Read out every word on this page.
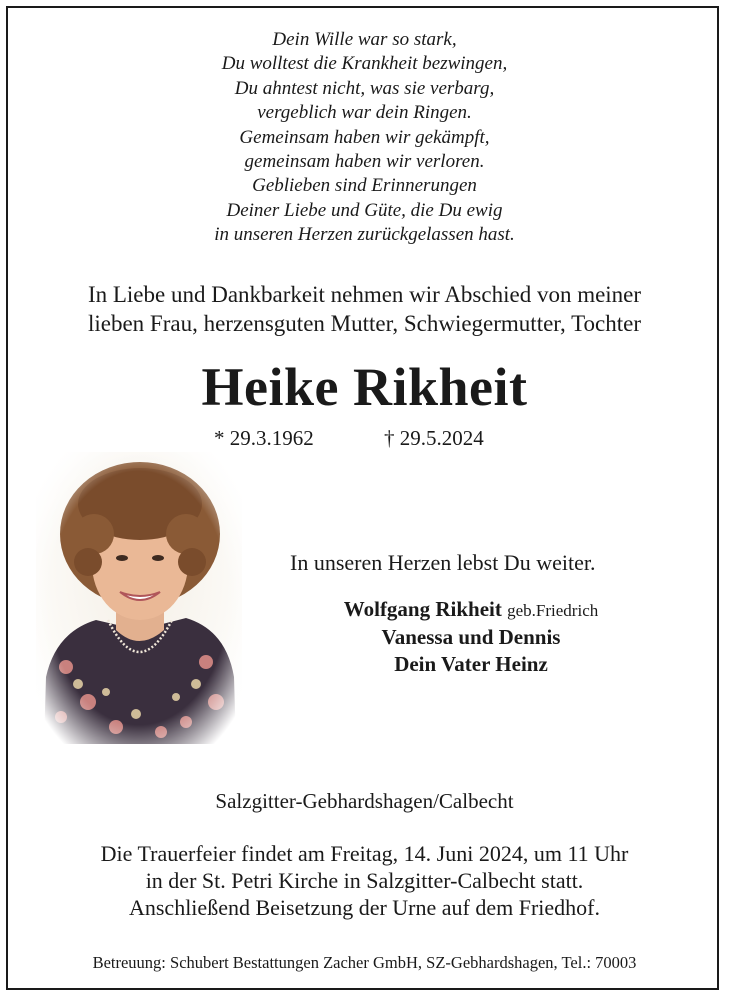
Dein Wille war so stark,
Du wolltest die Krankheit bezwingen,
Du ahntest nicht, was sie verbarg,
vergeblich war dein Ringen.
Gemeinsam haben wir gekämpft,
gemeinsam haben wir verloren.
Geblieben sind Erinnerungen
Deiner Liebe und Güte, die Du ewig
in unseren Herzen zurückgelassen hast.
In Liebe und Dankbarkeit nehmen wir Abschied von meiner
lieben Frau, herzensguten Mutter, Schwiegermutter, Tochter
Heike Rikheit
* 29.3.1962	† 29.5.2024
In unseren Herzen lebst Du weiter.
Wolfgang Rikheit geb.Friedrich
Vanessa und Dennis
Dein Vater Heinz
Salzgitter-Gebhardshagen/Calbecht
Die Trauerfeier findet am Freitag, 14. Juni 2024, um 11 Uhr
in der St. Petri Kirche in Salzgitter-Calbecht statt.
Anschließend Beisetzung der Urne auf dem Friedhof.
Betreuung: Schubert Bestattungen Zacher GmbH, SZ-Gebhardshagen, Tel.: 70003
